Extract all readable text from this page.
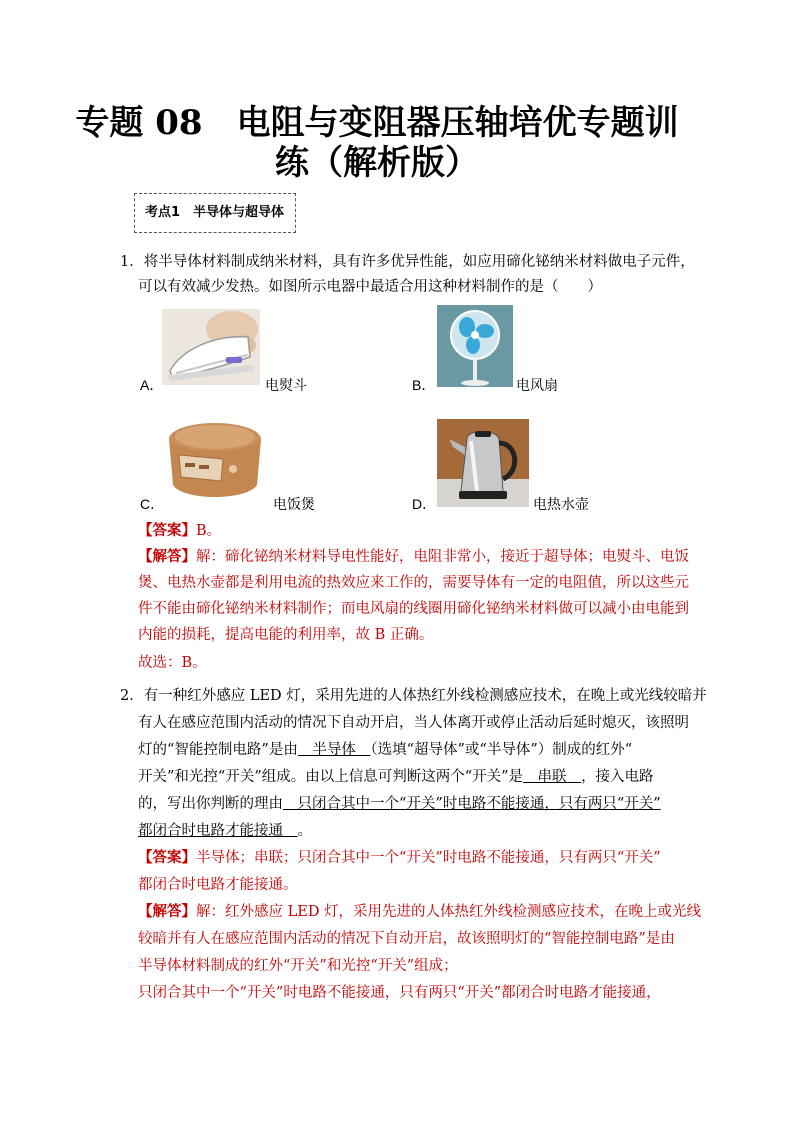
专题 08　电阻与变阻器压轴培优专题训
练（解析版）
考点1　半导体与超导体
1．将半导体材料制成纳米材料，具有许多优异性能，如应用碲化铋纳米材料做电子元件，
可以有效减少发热。如图所示电器中最适合用这种材料制作的是（　　）
A．	电熨斗	B．	电风扇
C．	电饭煲	D．	电热水壶
【答案】B。
【解答】解：碲化铋纳米材料导电性能好，电阻非常小，接近于超导体；电熨斗、电饭
煲、电热水壶都是利用电流的热效应来工作的，需要导体有一定的电阻值，所以这些元
件不能由碲化铋纳米材料制作；而电风扇的线圈用碲化铋纳米材料做可以减小由电能到
内能的损耗，提高电能的利用率，故 B 正确。
故选：B。
2．有一种红外感应 LED 灯，采用先进的人体热红外线检测感应技术，在晚上或光线较暗并
有人在感应范围内活动的情况下自动开启，当人体离开或停止活动后延时熄灭，该照明
灯的“智能控制电路”是由　半导体　（选填“超导体”或“半导体”）制成的红外“
开关”和光控“开关”组成。由以上信息可判断这两个“开关”是　串联　，接入电路
的，写出你判断的理由　只闭合其中一个“开关”时电路不能接通，只有两只“开关”
都闭合时电路才能接通　。
【答案】半导体；串联；只闭合其中一个“开关”时电路不能接通，只有两只“开关”
都闭合时电路才能接通。
【解答】解：红外感应 LED 灯，采用先进的人体热红外线检测感应技术，在晚上或光线
较暗并有人在感应范围内活动的情况下自动开启，故该照明灯的“智能控制电路”是由
半导体材料制成的红外“开关”和光控“开关”组成；
只闭合其中一个“开关”时电路不能接通，只有两只“开关”都闭合时电路才能接通，
